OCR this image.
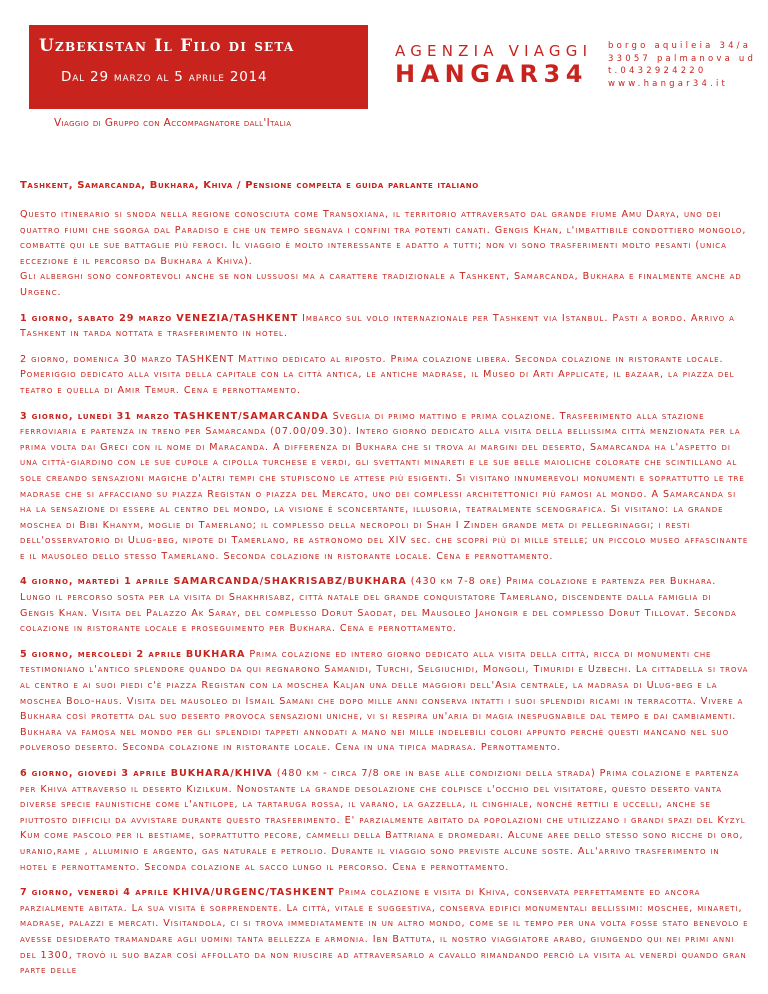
Uzbekistan Il Filo di seta
Dal 29 marzo al 5 aprile 2014
AGENZIA VIAGGI
HANGAR34
borgo aquileia 34/a
33057 palmanova ud
t.0432924220
www.hangar34.it
Viaggio di Gruppo con Accompagnatore dall'Italia
Tashkent, Samarcanda, Bukhara, Khiva / Pensione compelta e guida parlante italiano

Questo itinerario si snoda nella regione conosciuta come Transoxiana, il territorio attraversato dal grande fiume Amu Darya, uno dei quattro fiumi che sgorga dal Paradiso e che un tempo segnava i confini tra potenti canati. Gengis Khan, l'imbattibile condottiero mongolo, combattè qui le sue battaglie più feroci. Il viaggio è molto interessante e adatto a tutti; non vi sono trasferimenti molto pesanti (unica eccezione è il percorso da Bukhara a Khiva).

Gli alberghi sono confortevoli anche se non lussuosi ma a carattere tradizionale a Tashkent, Samarcanda, Bukhara e finalmente anche ad Urgenc.

1 giorno, sabato 29 marzo VENEZIA/TASHKENT Imbarco sul volo internazionale per Tashkent via Istanbul. Pasti a bordo. Arrivo a Tashkent in tarda nottata e trasferimento in hotel.

2 giorno, domenica 30 marzo TASHKENT Mattino dedicato al riposto. Prima colazione libera. Seconda colazione in ristorante locale. Pomeriggio dedicato alla visita della capitale con la città antica, le antiche madrase, il Museo di Arti Applicate, il bazaar, la piazza del teatro e quella di Amir Temur. Cena e pernottamento.

3 giorno, lunedì 31 marzo TASHKENT/SAMARCANDA Sveglia di primo mattino e prima colazione. Trasferimento alla stazione ferroviaria e partenza in treno per Samarcanda (07.00/09.30). Intero giorno dedicato alla visita della bellissima città menzionata per la prima volta dai Greci con il nome di Maracanda. A differenza di Bukhara che si trova ai margini del deserto, Samarcanda ha l'aspetto di una città-giardino con le sue cupole a cipolla turchese e verdi, gli svettanti minareti e le sue belle maioliche colorate che scintillano al sole creando sensazioni magiche d'altri tempi che stupiscono le attese più esigenti. Si visitano innumerevoli monumenti e soprattutto le tre madrase che si affacciano su piazza Registan o piazza del Mercato, uno dei complessi architettonici più famosi al mondo. A Samarcanda si ha la sensazione di essere al centro del mondo, la visione è sconcertante, illusoria, teatralmente scenografica. Si visitano: la grande moschea di Bibi Khanym, moglie di Tamerlano; il complesso della necropoli di Shah I Zindeh grande meta di pellegrinaggi; i resti dell'osservatorio di Ulug-beg, nipote di Tamerlano, re astronomo del XIV sec. che scoprì più di mille stelle; un piccolo museo affascinante e il mausoleo dello stesso Tamerlano. Seconda colazione in ristorante locale. Cena e pernottamento.

4 giorno, martedì 1 aprile SAMARCANDA/SHAKRISABZ/BUKHARA (430 km 7-8 ore) Prima colazione e partenza per Bukhara. Lungo il percorso sosta per la visita di Shakhrisabz, città natale del grande conquistatore Tamerlano, discendente dalla famiglia di Gengis Khan. Visita del Palazzo Ak Saray, del complesso Dorut Saodat, del Mausoleo Jahongir e del complesso Dorut Tillovat. Seconda colazione in ristorante locale e proseguimento per Bukhara. Cena e pernottamento.

5 giorno, mercoledì 2 aprile BUKHARA Prima colazione ed intero giorno dedicato alla visita della città, ricca di monumenti che testimoniano l'antico splendore quando da qui regnarono Samanidi, Turchi, Selgiuchidi, Mongoli, Timuridi e Uzbechi. La cittadella si trova al centro e ai suoi piedi c'è piazza Registan con la moschea Kaljan una delle maggiori dell'Asia centrale, la madrasa di Ulug-beg e la moschea Bolo-haus. Visita del mausoleo di Ismail Samani che dopo mille anni conserva intatti i suoi splendidi ricami in terracotta. Vivere a Bukhara così protetta dal suo deserto provoca sensazioni uniche, vi si respira un'aria di magia inespugnabile dal tempo e dai cambiamenti. Bukhara va famosa nel mondo per gli splendidi tappeti annodati a mano nei mille indelebili colori appunto perchè questi mancano nel suo polveroso deserto. Seconda colazione in ristorante locale. Cena in una tipica madrasa. Pernottamento.

6 giorno, giovedì 3 aprile BUKHARA/KHIVA (480 km - circa 7/8 ore in base alle condizioni della strada) Prima colazione e partenza per Khiva attraverso il deserto Kizilkum. Nonostante la grande desolazione che colpisce l'occhio del visitatore, questo deserto vanta diverse specie faunistiche come l'antilope, la tartaruga rossa, il varano, la gazzella, il cinghiale, nonchè rettili e uccelli, anche se piuttosto difficili da avvistare durante questo trasferimento. E' parzialmente abitato da popolazioni che utilizzano i grandi spazi del Kyzyl Kum come pascolo per il bestiame, soprattutto pecore, cammelli della Battriana e dromedari. Alcune aree dello stesso sono ricche di oro, uranio,rame , alluminio e argento, gas naturale e petrolio. Durante il viaggio sono previste alcune soste. All'arrivo trasferimento in hotel e pernottamento. Seconda colazione al sacco lungo il percorso. Cena e pernottamento.

7 giorno, venerdì 4 aprile KHIVA/URGENC/TASHKENT Prima colazione e visita di Khiva, conservata perfettamente ed ancora parzialmente abitata. La sua visita è sorprendente. La città, vitale e suggestiva, conserva edifici monumentali bellissimi: moschee, minareti, madrase, palazzi e mercati. Visitandola, ci si trova immediatamente in un altro mondo, come se il tempo per una volta fosse stato benevolo e avesse desiderato tramandare agli uomini tanta bellezza e armonia. Ibn Battuta, il nostro viaggiatore arabo, giungendo qui nei primi anni del 1300, trovò il suo bazar così affollato da non riuscire ad attraversarlo a cavallo rimandando perciò la visita al venerdì quando gran parte delle
